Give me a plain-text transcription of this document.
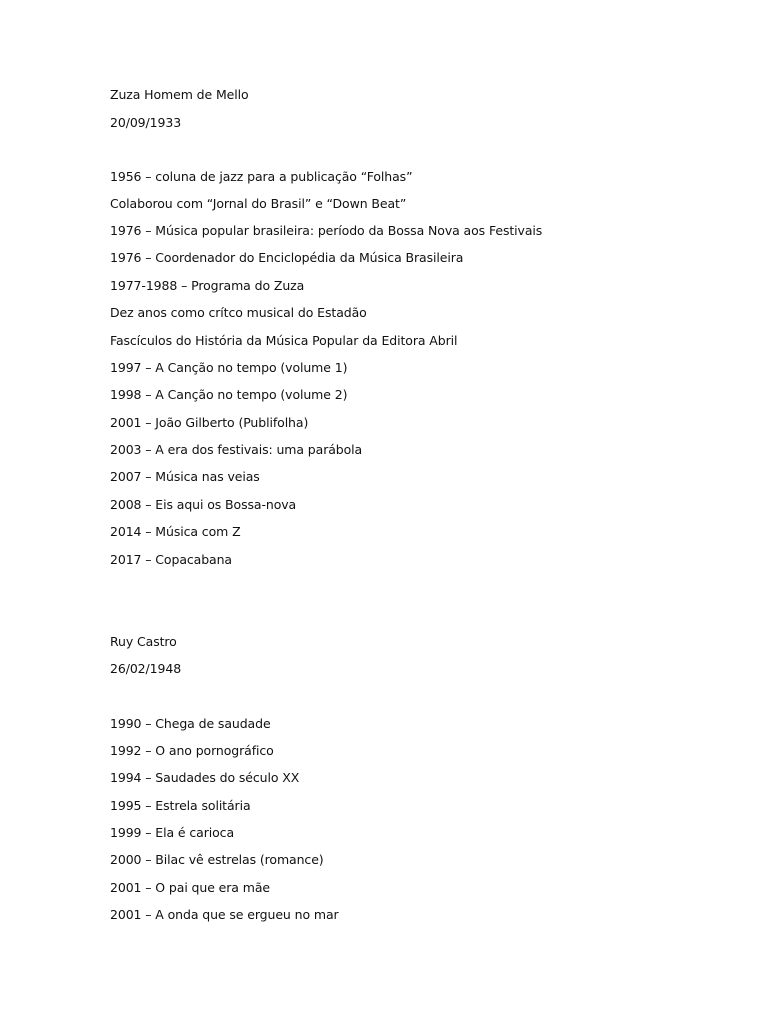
Zuza Homem de Mello
20/09/1933
1956 – coluna de jazz para a publicação “Folhas”
Colaborou com “Jornal do Brasil” e “Down Beat”
1976 – Música popular brasileira: período da Bossa Nova aos Festivais
1976 – Coordenador do Enciclopédia da Música Brasileira
1977-1988 – Programa do Zuza
Dez anos como crítco musical do Estadão
Fascículos do História da Música Popular da Editora Abril
1997 – A Canção no tempo (volume 1)
1998 – A Canção no tempo (volume 2)
2001 – João Gilberto (Publifolha)
2003 – A era dos festivais: uma parábola
2007 – Música nas veias
2008 – Eis aqui os Bossa-nova
2014 – Música com Z
2017 – Copacabana
Ruy Castro
26/02/1948
1990 – Chega de saudade
1992 – O ano pornográfico
1994 – Saudades do século XX
1995 – Estrela solitária
1999 – Ela é carioca
2000 – Bilac vê estrelas (romance)
2001 – O pai que era mãe
2001 – A onda que se ergueu no mar
